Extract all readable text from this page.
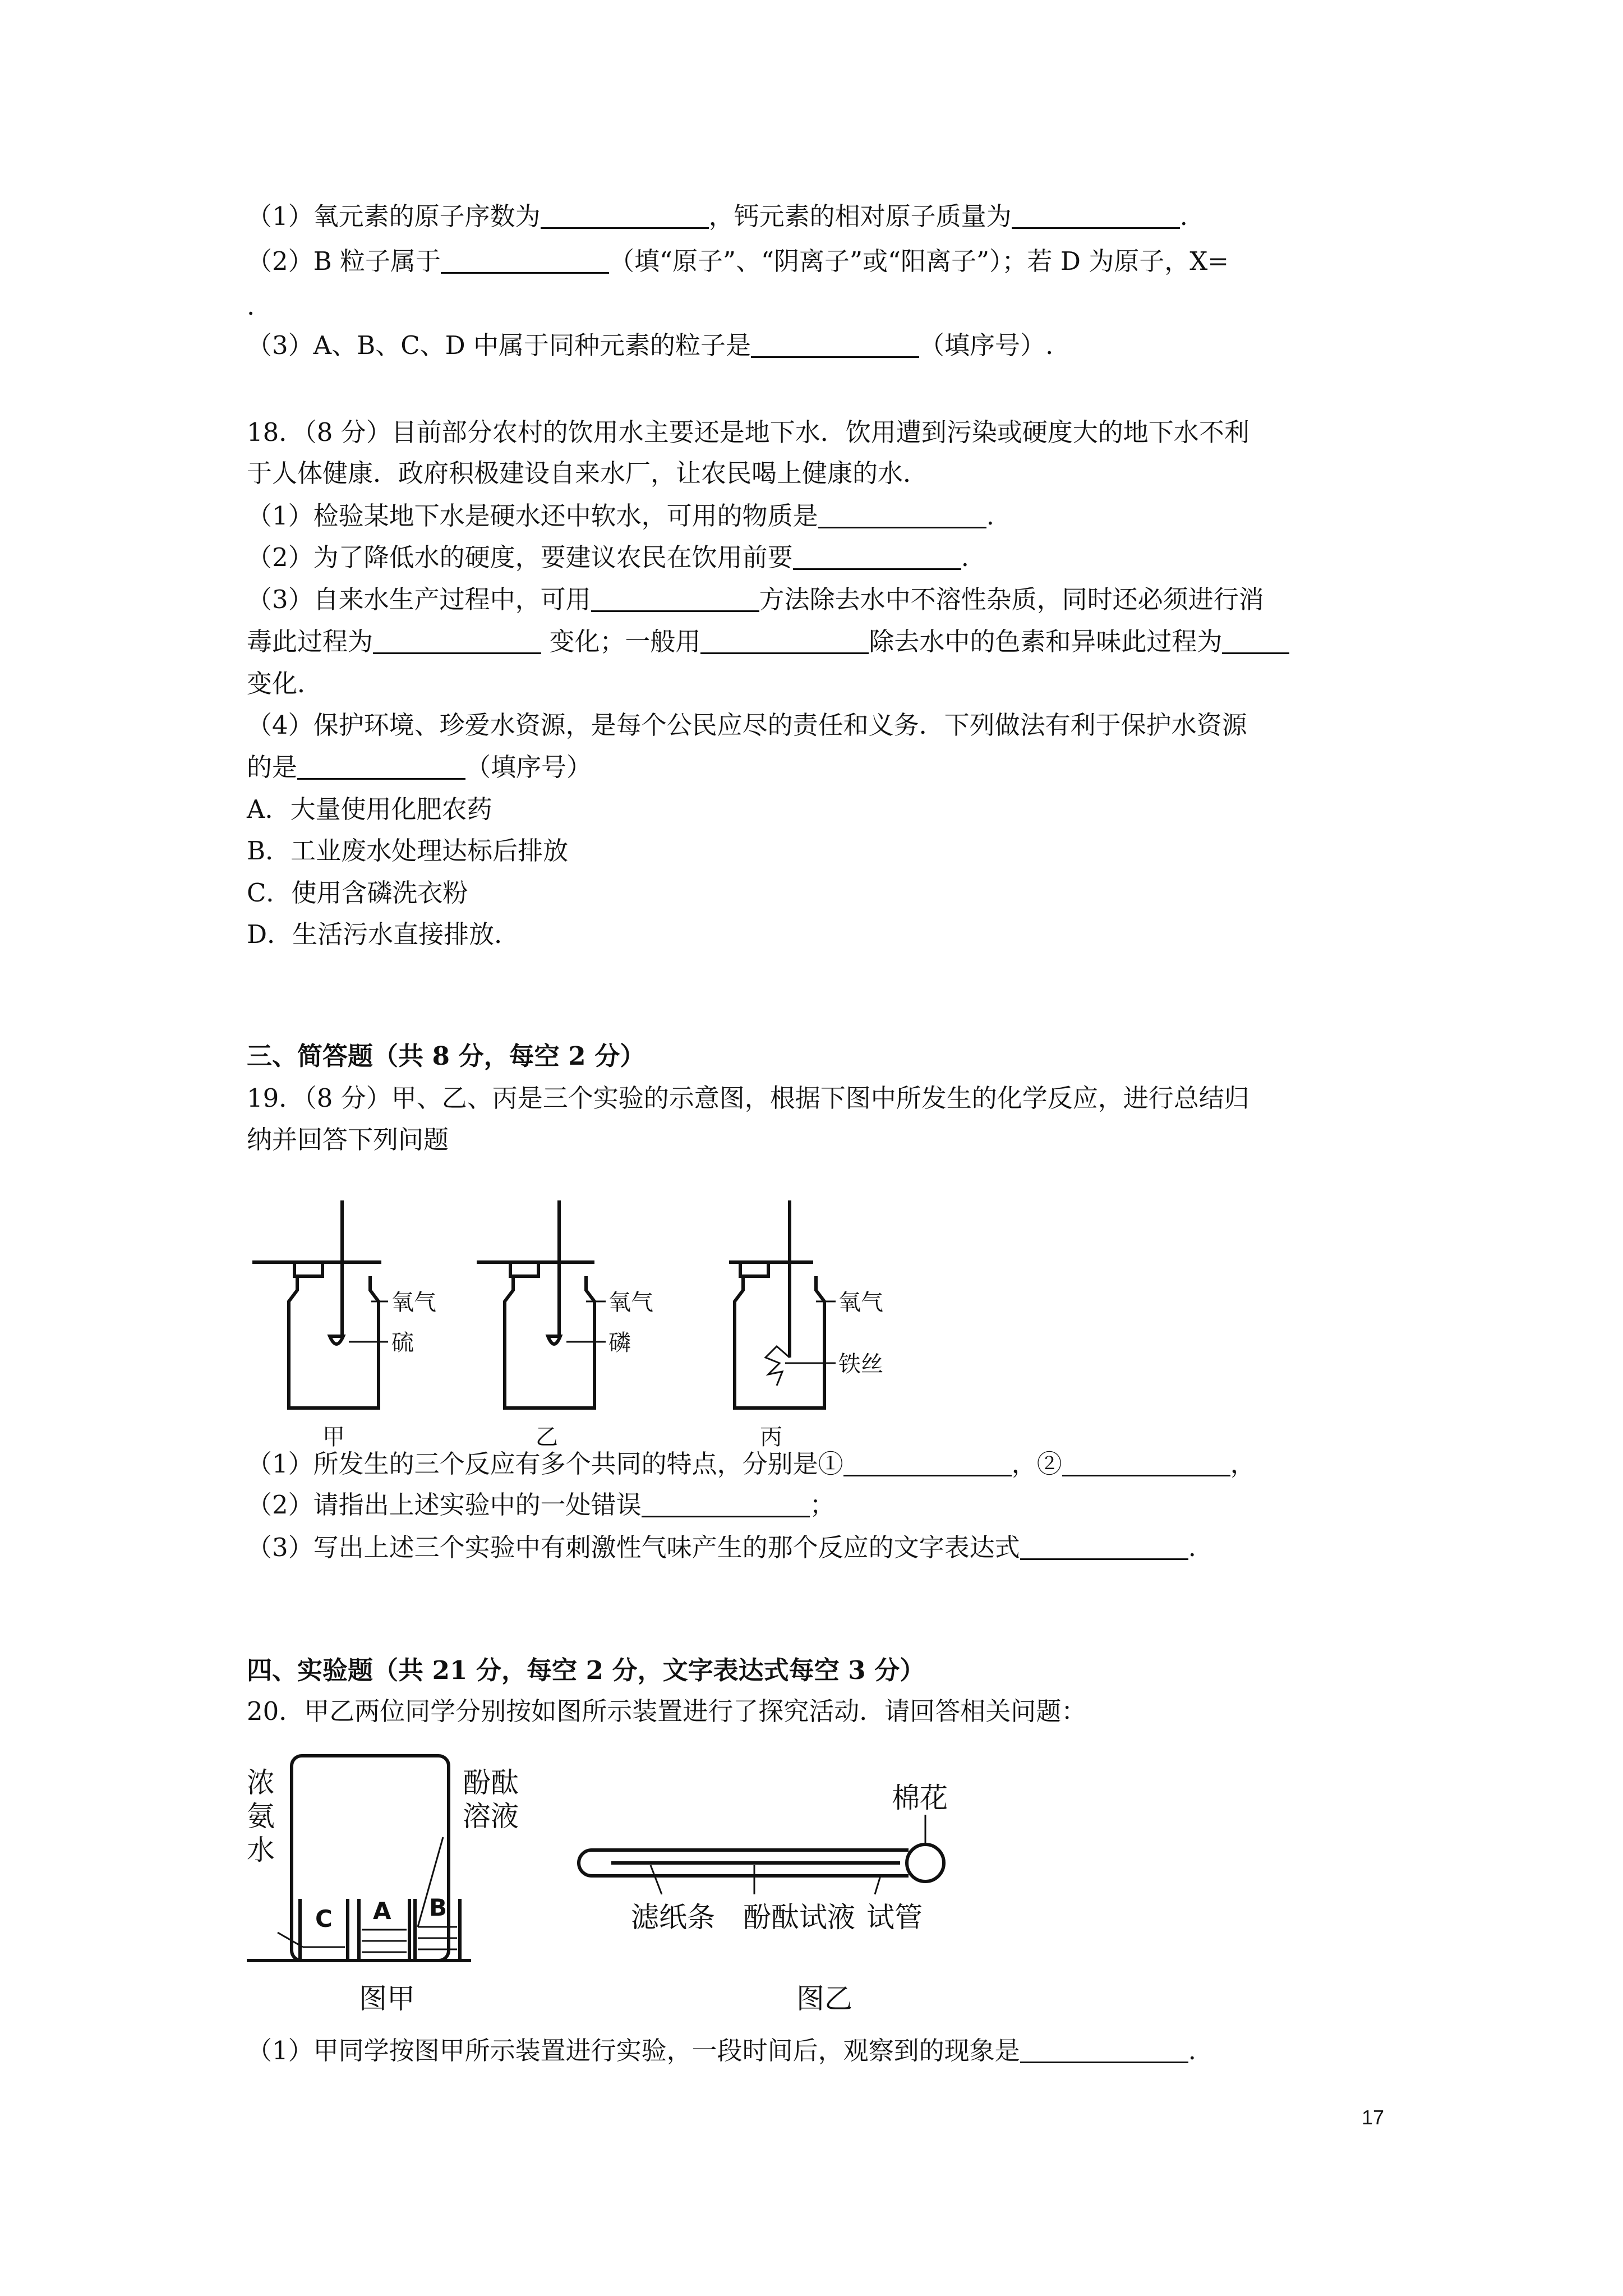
（1）氧元素的原子序数为	，钙元素的相对原子质量为	.

（2）B 粒子属于	（填“原子”、“阴离子”或“阳离子”）；若 D 为原子，X=

.

（3）A、B、C、D 中属于同种元素的粒子是	（填序号）.

18．（8 分）目前部分农村的饮用水主要还是地下水．饮用遭到污染或硬度大的地下水不利

于人体健康．政府积极建设自来水厂，让农民喝上健康的水．

（1）检验某地下水是硬水还中软水，可用的物质是	.

（2）为了降低水的硬度，要建议农民在饮用前要	.

（3）自来水生产过程中，可用	方法除去水中不溶性杂质，同时还必须进行消

毒此过程为	变化；一般用	除去水中的色素和异味此过程为

变化．

（4）保护环境、珍爱水资源，是每个公民应尽的责任和义务．下列做法有利于保护水资源

的是	（填序号）

A．大量使用化肥农药

B．工业废水处理达标后排放

C．使用含磷洗衣粉

D．生活污水直接排放．

三、简答题（共 8 分，每空 2 分）

19．（8 分）甲、乙、丙是三个实验的示意图，根据下图中所发生的化学反应，进行总结归

纳并回答下列问题

氧气
硫
甲
氧气
磷
乙
氧气
铁丝
丙

（1）所发生的三个反应有多个共同的特点，分别是①	，②	，

（2）请指出上述实验中的一处错误	；

（3）写出上述三个实验中有刺激性气味产生的那个反应的文字表达式	.

四、实验题（共 21 分，每空 2 分，文字表达式每空 3 分）

20．甲乙两位同学分别按如图所示装置进行了探究活动．请回答相关问题：

浓
氨
水
酚酞
溶液
C A B
图甲
棉花
滤纸条 酚酞试液 试管
图乙

（1）甲同学按图甲所示装置进行实验，一段时间后，观察到的现象是	.

17
